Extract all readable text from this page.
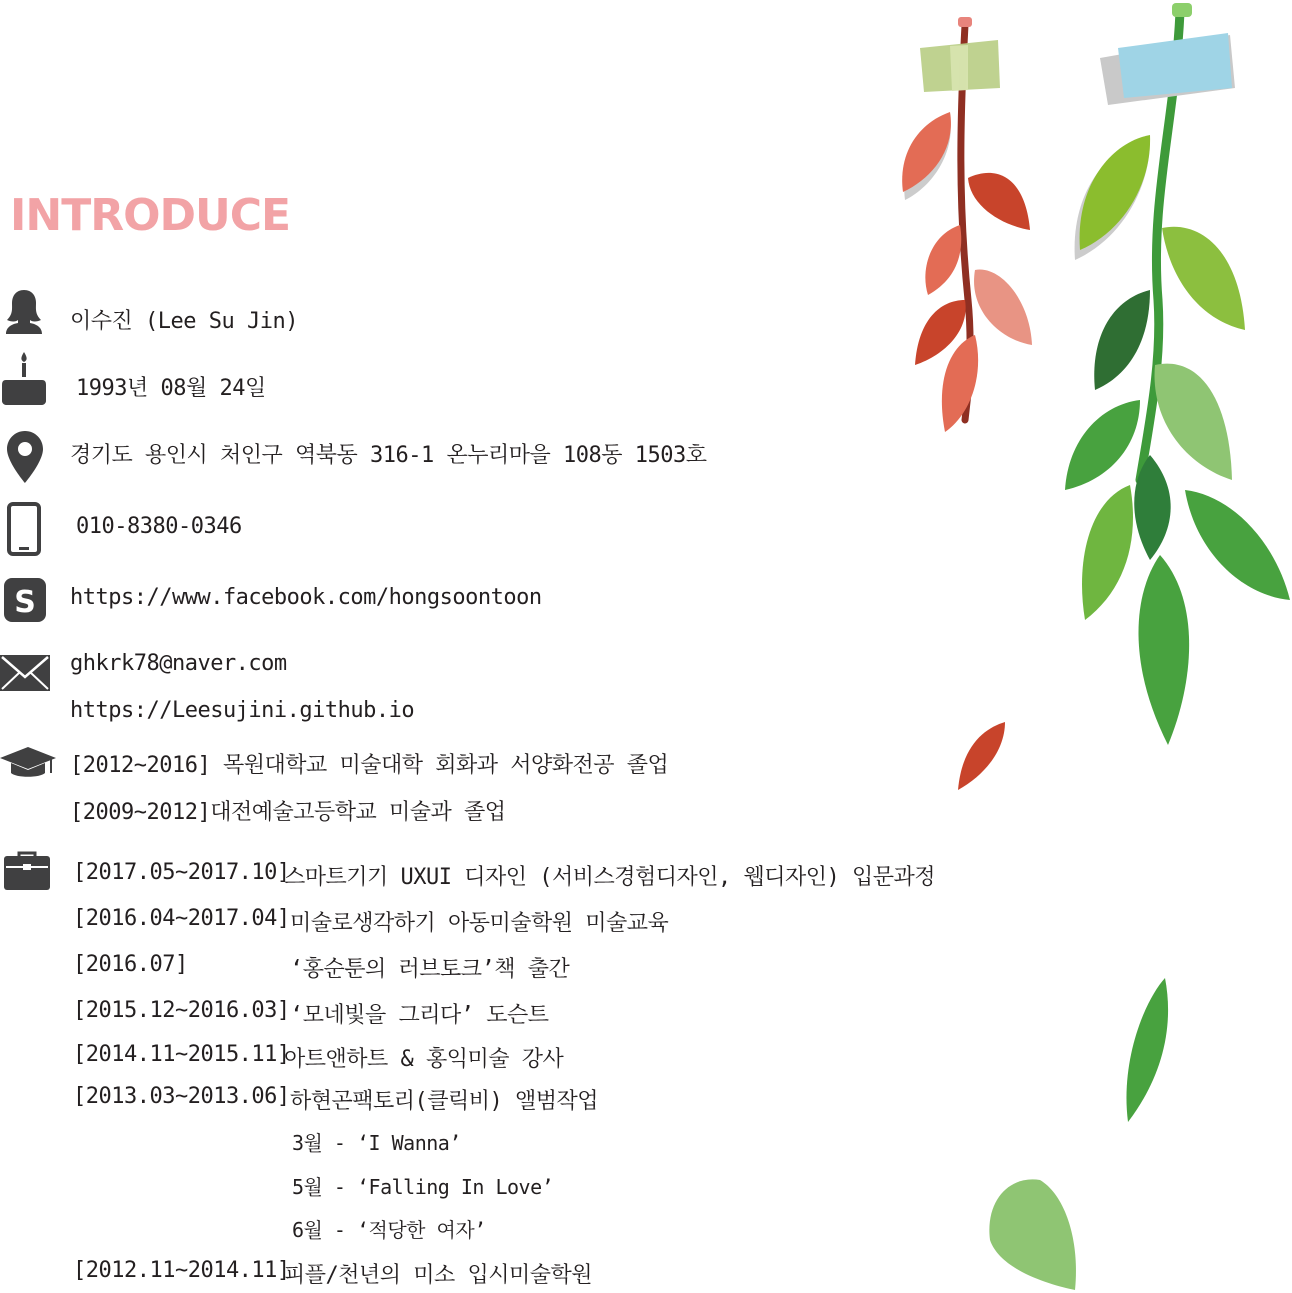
INTRODUCE
S
이수진 (Lee Su Jin)
1993년 08월 24일
경기도 용인시 처인구 역북동 316-1 온누리마을 108동 1503호
010-8380-0346
https://www.facebook.com/hongsoontoon
ghkrk78@naver.com
https://Leesujini.github.io
[2012~2016] 목원대학교 미술대학 회화과 서양화전공 졸업
[2009~2012]대전예술고등학교 미술과 졸업
[2017.05~2017.10]
스마트기기 UXUI 디자인 (서비스경험디자인, 웹디자인) 입문과정
[2016.04~2017.04] 미술로생각하기 아동미술학원 미술교육
[2016.07]	‘홍순툰의 러브토크’책 출간
[2015.12~2016.03] ‘모네빛을 그리다’ 도슨트
[2014.11~2015.11]
아트앤하트 & 홍익미술 강사
[2013.03~2013.06] 하현곤팩토리(클릭비) 앨범작업
3월 - ‘I Wanna’
5월 - ‘Falling In Love’
6월 - ‘적당한 여자’
[2012.11~2014.11]
피플/천년의 미소 입시미술학원
